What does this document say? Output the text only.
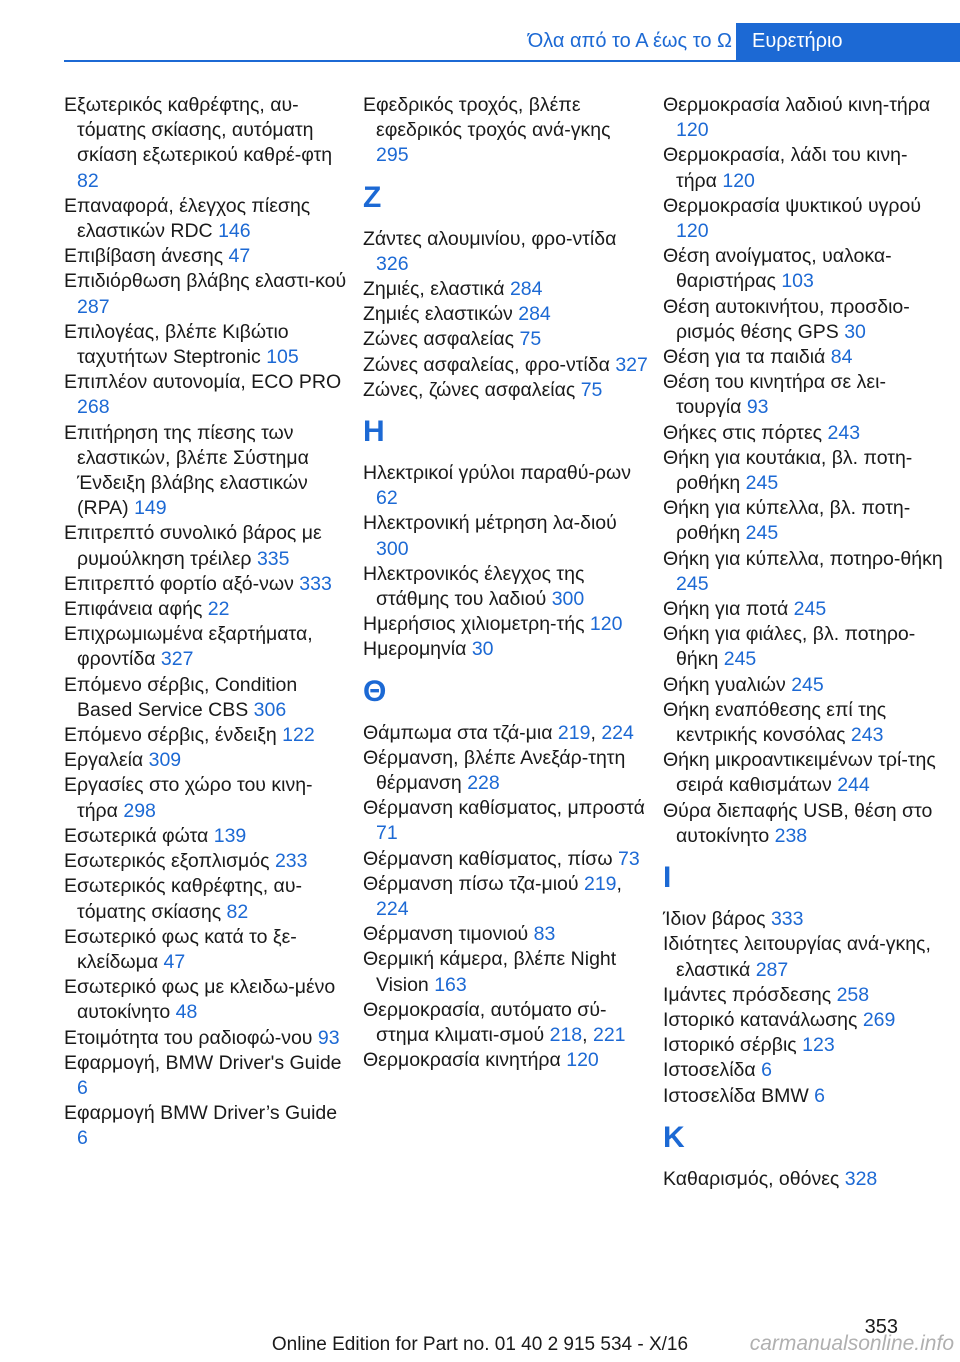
Όλα από το Α έως το Ω Ευρετήριο

Εξωτερικός καθρέφτης, αυ‐τόματης σκίασης, αυτόματη σκίαση εξωτερικού καθρέ‐φτη 82

Επαναφορά, έλεγχος πίεσης ελαστικών RDC 146

Επιβίβαση άνεσης 47

Επιδιόρθωση βλάβης ελαστι‐κού 287

Επιλογέας, βλέπε Κιβώτιο ταχυτήτων Steptronic 105

Επιπλέον αυτονομία, ECO PRO 268

Επιτήρηση της πίεσης των ελαστικών, βλέπε Σύστημα Ένδειξη βλάβης ελαστικών (RPA) 149

Επιτρεπτό συνολικό βάρος με ρυμούλκηση τρέιλερ 335

Επιτρεπτό φορτίο αξό‐νων 333

Επιφάνεια αφής 22

Επιχρωμιωμένα εξαρτήματα, φροντίδα 327

Επόμενο σέρβις, Condition Based Service CBS 306

Επόμενο σέρβις, ένδειξη 122

Εργαλεία 309

Εργασίες στο χώρο του κινη‐τήρα 298

Εσωτερικά φώτα 139

Εσωτερικός εξοπλισμός 233

Εσωτερικός καθρέφτης, αυ‐τόματης σκίασης 82

Εσωτερικό φως κατά το ξε‐κλείδωμα 47

Εσωτερικό φως με κλειδω‐μένο αυτοκίνητο 48

Ετοιμότητα του ραδιοφώ‐νου 93

Εφαρμογή, BMW Driver's Guide 6

Εφαρμογή BMW Driver’s Guide 6

Εφεδρικός τροχός, βλέπε εφεδρικός τροχός ανά‐γκης 295

Ζ

Ζάντες αλουμινίου, φρο‐ντίδα 326

Ζημιές, ελαστικά 284

Ζημιές ελαστικών 284

Ζώνες ασφαλείας 75

Ζώνες ασφαλείας, φρο‐ντίδα 327

Ζώνες, ζώνες ασφαλείας 75

Η

Ηλεκτρικοί γρύλοι παραθύ‐ρων 62

Ηλεκτρονική μέτρηση λα‐διού 300

Ηλεκτρονικός έλεγχος της στάθμης του λαδιού 300

Ημερήσιος χιλιομετρη‐τής 120

Ημερομηνία 30

Θ

Θάμπωμα στα τζά‐μια 219, 224

Θέρμανση, βλέπε Ανεξάρ‐τητη θέρμανση 228

Θέρμανση καθίσματος, μπροστά 71

Θέρμανση καθίσματος, πίσω 73

Θέρμανση πίσω τζα‐μιού 219, 224

Θέρμανση τιμονιού 83

Θερμική κάμερα, βλέπε Night Vision 163

Θερμοκρασία, αυτόματο σύ‐στημα κλιματι‐σμού 218, 221

Θερμοκρασία κινητήρα 120

Θερμοκρασία λαδιού κινη‐τήρα 120

Θερμοκρασία, λάδι του κινη‐τήρα 120

Θερμοκρασία ψυκτικού υγρού 120

Θέση ανοίγματος, υαλοκα‐θαριστήρας 103

Θέση αυτοκινήτου, προσδιο‐ρισμός θέσης GPS 30

Θέση για τα παιδιά 84

Θέση του κινητήρα σε λει‐τουργία 93

Θήκες στις πόρτες 243

Θήκη για κουτάκια, βλ. ποτη‐ροθήκη 245

Θήκη για κύπελλα, βλ. ποτη‐ροθήκη 245

Θήκη για κύπελλα, ποτηρο‐θήκη 245

Θήκη για ποτά 245

Θήκη για φιάλες, βλ. ποτηρο‐θήκη 245

Θήκη γυαλιών 245

Θήκη εναπόθεσης επί της κεντρικής κονσόλας 243

Θήκη μικροαντικειμένων τρί‐της σειρά καθισμάτων 244

Θύρα διεπαφής USB, θέση στο αυτοκίνητο 238

Ι

Ίδιον βάρος 333

Ιδιότητες λειτουργίας ανά‐γκης, ελαστικά 287

Ιμάντες πρόσδεσης 258

Ιστορικό κατανάλωσης 269

Ιστορικό σέρβις 123

Ιστοσελίδα 6

Ιστοσελίδα BMW 6

Κ

Καθαρισμός, οθόνες 328

353
Online Edition for Part no. 01 40 2 915 534 - X/16	carmanualsonline.info
